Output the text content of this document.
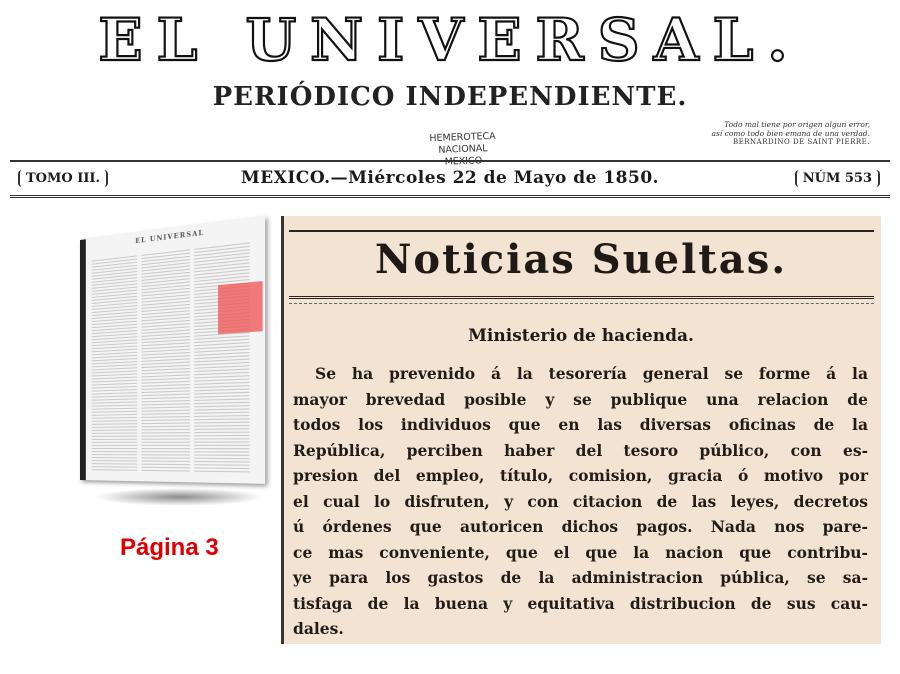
EL UNIVERSAL.
PERIÓDICO INDEPENDIENTE.
Todo mal tiene por origen algun error,
así como todo bien emana de una verdad.
BERNARDINO DE SAINT PIERRE.
HEMEROTECA NACIONAL
MEXICO
TOMO III.	MEXICO.—Miércoles 22 de Mayo de 1850.	NÚM 553
EL UNIVERSAL
Página 3
Noticias Sueltas.
Ministerio de hacienda.
Se ha prevenido á la tesorería general se forme á la
mayor brevedad posible y se publique una relacion de
todos los individuos que en las diversas oficinas de la
República, perciben haber del tesoro público, con es-
presion del empleo, título, comision, gracia ó motivo por
el cual lo disfruten, y con citacion de las leyes, decretos
ú órdenes que autoricen dichos pagos. Nada nos pare-
ce mas conveniente, que el que la nacion que contribu-
ye para los gastos de la administracion pública, se sa-
tisfaga de la buena y equitativa distribucion de sus cau-
dales.
